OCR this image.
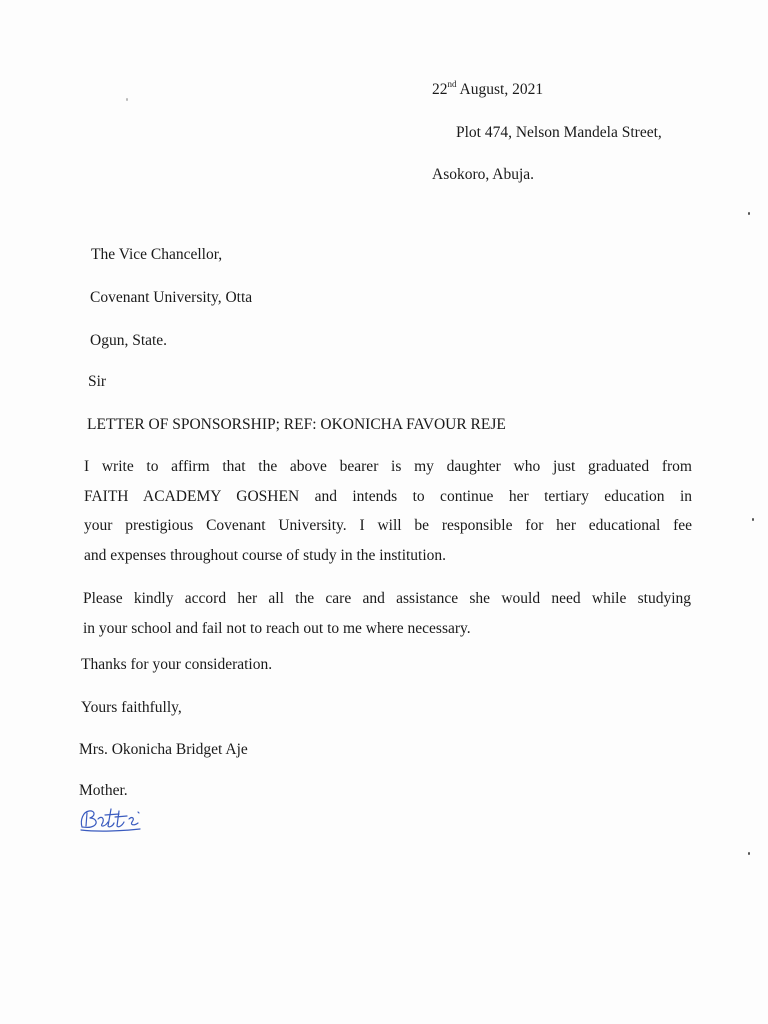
22nd August, 2021
Plot 474, Nelson Mandela Street,
Asokoro, Abuja.
The Vice Chancellor,
Covenant University, Otta
Ogun, State.
Sir
LETTER OF SPONSORSHIP; REF: OKONICHA FAVOUR REJE
I write to affirm that the above bearer is my daughter who just graduated from
FAITH ACADEMY GOSHEN and intends to continue her tertiary education in
your prestigious Covenant University. I will be responsible for her educational fee
and expenses throughout course of study in the institution.
Please kindly accord her all the care and assistance she would need while studying
in your school and fail not to reach out to me where necessary.
Thanks for your consideration.
Yours faithfully,
Mrs. Okonicha Bridget Aje
Mother.
